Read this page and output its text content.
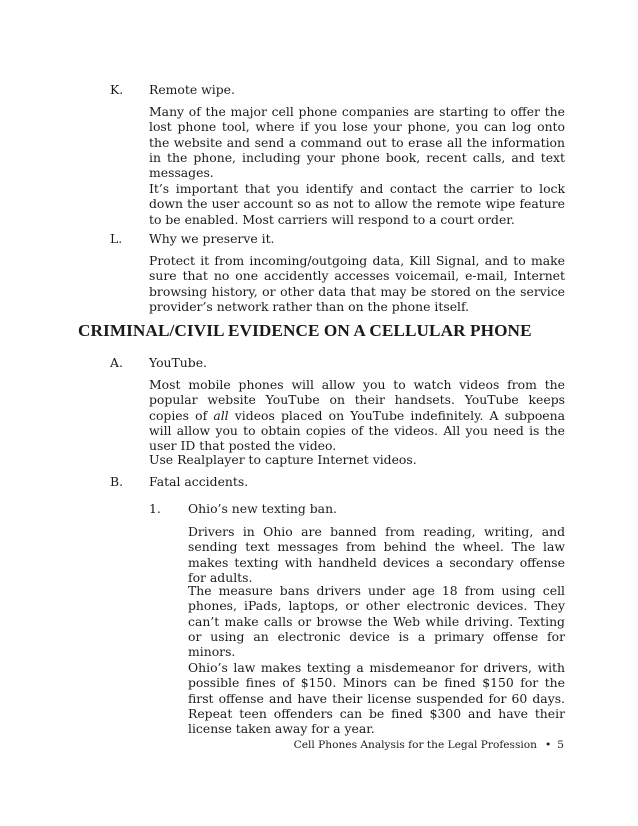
K. Remote wipe.
Many of the major cell phone companies are starting to offer the lost phone tool, where if you lose your phone, you can log onto the website and send a command out to erase all the information in the phone, including your phone book, recent calls, and text messages.
It’s important that you identify and contact the carrier to lock down the user account so as not to allow the remote wipe feature to be enabled. Most carriers will respond to a court order.
L. Why we preserve it.
Protect it from incoming/outgoing data, Kill Signal, and to make sure that no one accidently accesses voicemail, e-mail, Internet browsing history, or other data that may be stored on the service provider’s network rather than on the phone itself.
CRIMINAL/CIVIL EVIDENCE ON A CELLULAR PHONE
A. YouTube.
Most mobile phones will allow you to watch videos from the popular website YouTube on their handsets. YouTube keeps copies of all videos placed on YouTube indefinitely. A subpoena will allow you to obtain copies of the videos. All you need is the user ID that posted the video.
Use Realplayer to capture Internet videos.
B. Fatal accidents.
1. Ohio’s new texting ban.
Drivers in Ohio are banned from reading, writing, and sending text messages from behind the wheel. The law makes texting with handheld devices a secondary offense for adults.
The measure bans drivers under age 18 from using cell phones, iPads, laptops, or other electronic devices. They can’t make calls or browse the Web while driving. Texting or using an electronic device is a primary offense for minors.
Ohio’s law makes texting a misdemeanor for drivers, with possible fines of $150. Minors can be fined $150 for the first offense and have their license suspended for 60 days. Repeat teen offenders can be fined $300 and have their license taken away for a year.
Cell Phones Analysis for the Legal Profession • 5
